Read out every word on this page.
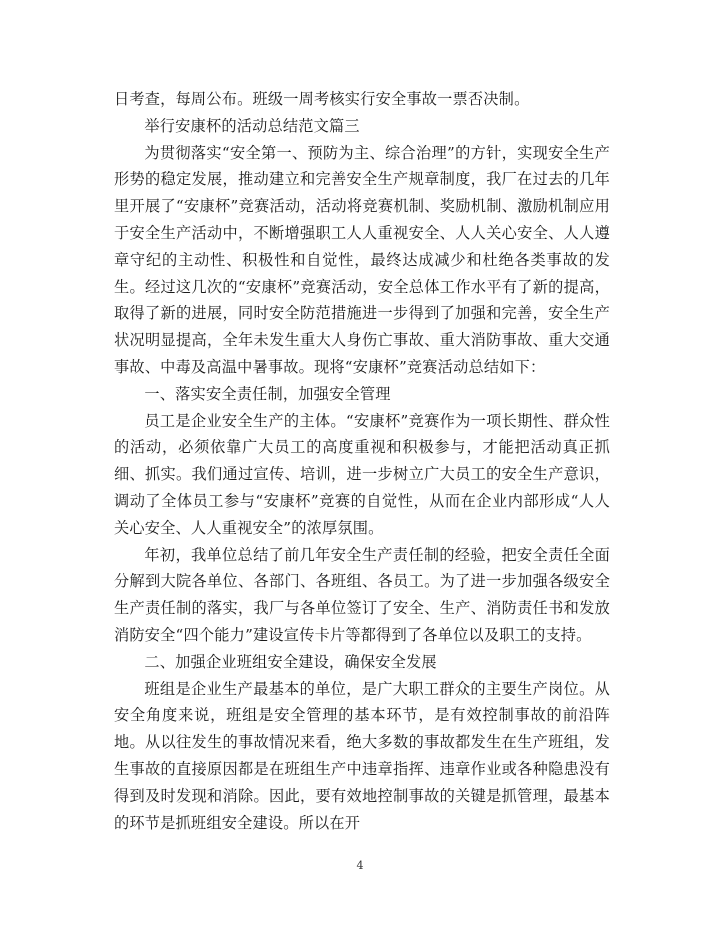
日考查，每周公布。班级一周考核实行安全事故一票否决制。

举行安康杯的活动总结范文篇三

为贯彻落实“安全第一、预防为主、综合治理”的方针，实现安全生产形势的稳定发展，推动建立和完善安全生产规章制度，我厂在过去的几年里开展了“安康杯”竞赛活动，活动将竞赛机制、奖励机制、激励机制应用于安全生产活动中，不断增强职工人人重视安全、人人关心安全、人人遵章守纪的主动性、积极性和自觉性，最终达成减少和杜绝各类事故的发生。经过这几次的“安康杯”竞赛活动，安全总体工作水平有了新的提高，取得了新的进展，同时安全防范措施进一步得到了加强和完善，安全生产状况明显提高，全年未发生重大人身伤亡事故、重大消防事故、重大交通事故、中毒及高温中暑事故。现将“安康杯”竞赛活动总结如下：

一、落实安全责任制，加强安全管理

员工是企业安全生产的主体。“安康杯”竞赛作为一项长期性、群众性的活动，必须依靠广大员工的高度重视和积极参与，才能把活动真正抓细、抓实。我们通过宣传、培训，进一步树立广大员工的安全生产意识，调动了全体员工参与“安康杯”竞赛的自觉性，从而在企业内部形成“人人关心安全、人人重视安全”的浓厚氛围。

年初，我单位总结了前几年安全生产责任制的经验，把安全责任全面分解到大院各单位、各部门、各班组、各员工。为了进一步加强各级安全生产责任制的落实，我厂与各单位签订了安全、生产、消防责任书和发放消防安全“四个能力”建设宣传卡片等都得到了各单位以及职工的支持。

二、加强企业班组安全建设，确保安全发展

班组是企业生产最基本的单位，是广大职工群众的主要生产岗位。从安全角度来说，班组是安全管理的基本环节，是有效控制事故的前沿阵地。从以往发生的事故情况来看，绝大多数的事故都发生在生产班组，发生事故的直接原因都是在班组生产中违章指挥、违章作业或各种隐患没有得到及时发现和消除。因此，要有效地控制事故的关键是抓管理，最基本的环节是抓班组安全建设。所以在开

4
